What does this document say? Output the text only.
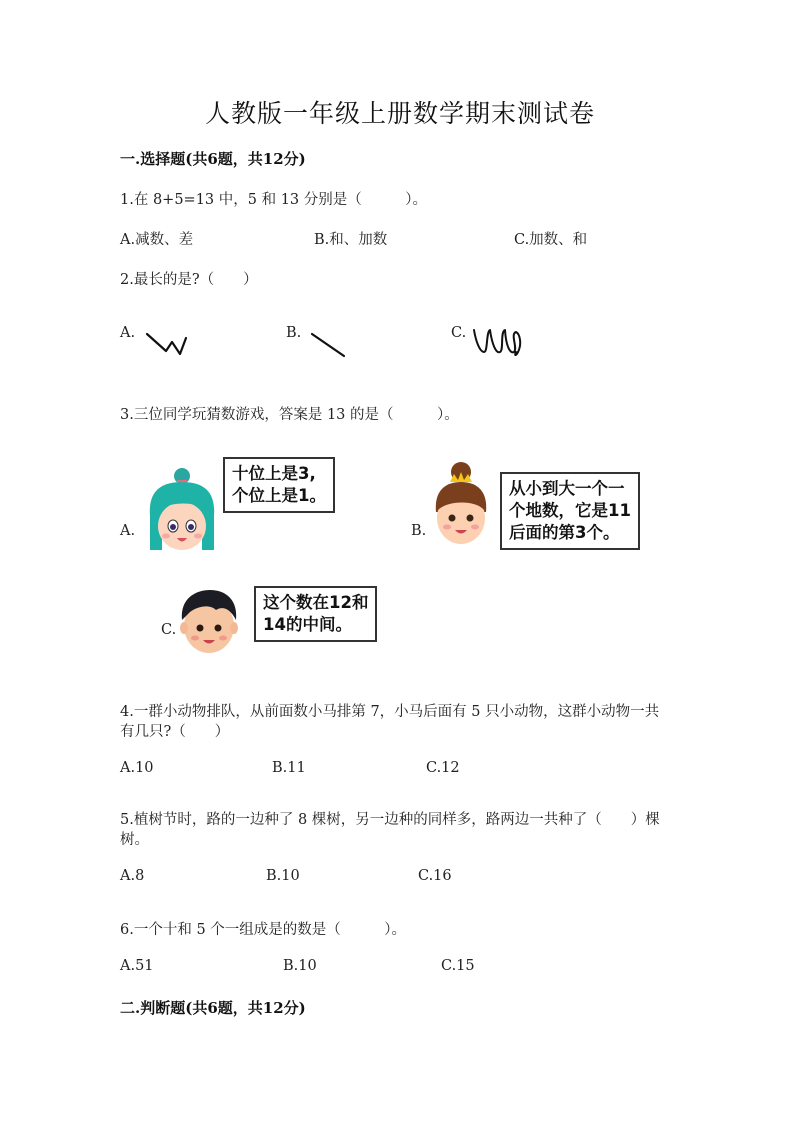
人教版一年级上册数学期末测试卷
一.选择题(共6题，共12分)
1.在 8+5=13 中，5 和 13 分别是（　　　）。
A.减数、差	B.和、加数	C.加数、和
2.最长的是?（　　）
A.	B.	C.
3.三位同学玩猜数游戏，答案是 13 的是（　　　）。
A.
十位上是3,
个位上是1。
B.
从小到大一个一
个地数，它是11
后面的第3个。
C.
这个数在12和
14的中间。
4.一群小动物排队，从前面数小马排第 7，小马后面有 5 只小动物，这群小动物一共有几只?（　　）
A.10	B.11	C.12
5.植树节时，路的一边种了 8 棵树，另一边种的同样多，路两边一共种了（　　）棵树。
A.8	B.10	C.16
6.一个十和 5 个一组成是的数是（　　　）。
A.51	B.10	C.15
二.判断题(共6题，共12分)
